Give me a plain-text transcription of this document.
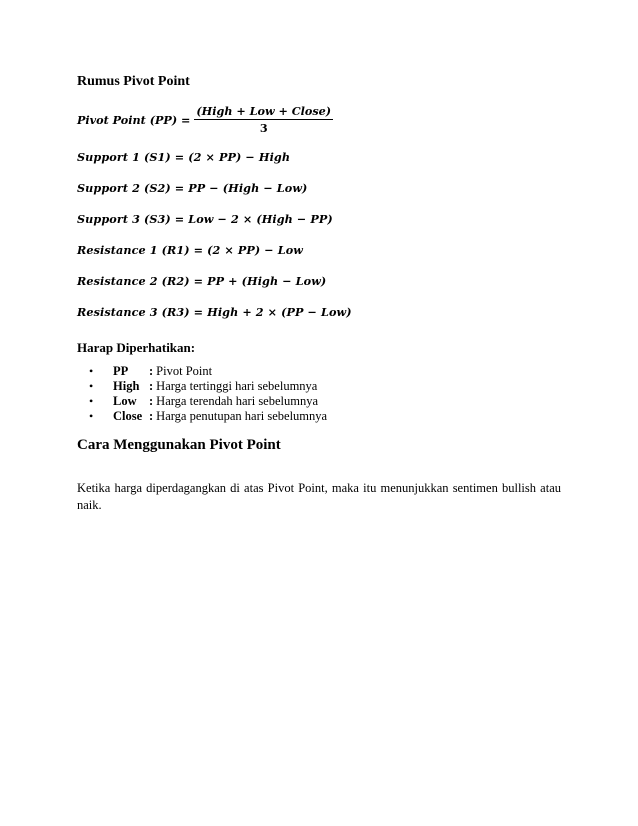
Rumus Pivot Point
Pivot Point $(PP) = \frac{\text{(High + Low + Close)}}{3}$
Support 1 (S1) = (2 × PP) − High
Support 2 (S2) = PP − (High − Low)
Support 3 (S3) = Low − 2 × (High − PP)
Resistance 1 (R1) = (2 × PP) − Low
Resistance 2 (R2) = PP + (High − Low)
Resistance 3 (R3) = High + 2 × (PP − Low)
Harap Diperhatikan:
•	PP	: Pivot Point
•	High : Harga tertinggi hari sebelumnya
•	Low : Harga terendah hari sebelumnya
•	Close : Harga penutupan hari sebelumnya
Cara Menggunakan Pivot Point

Ketika harga diperdagangkan di atas Pivot Point, maka itu menunjukkan sentimen bullish atau naik.
